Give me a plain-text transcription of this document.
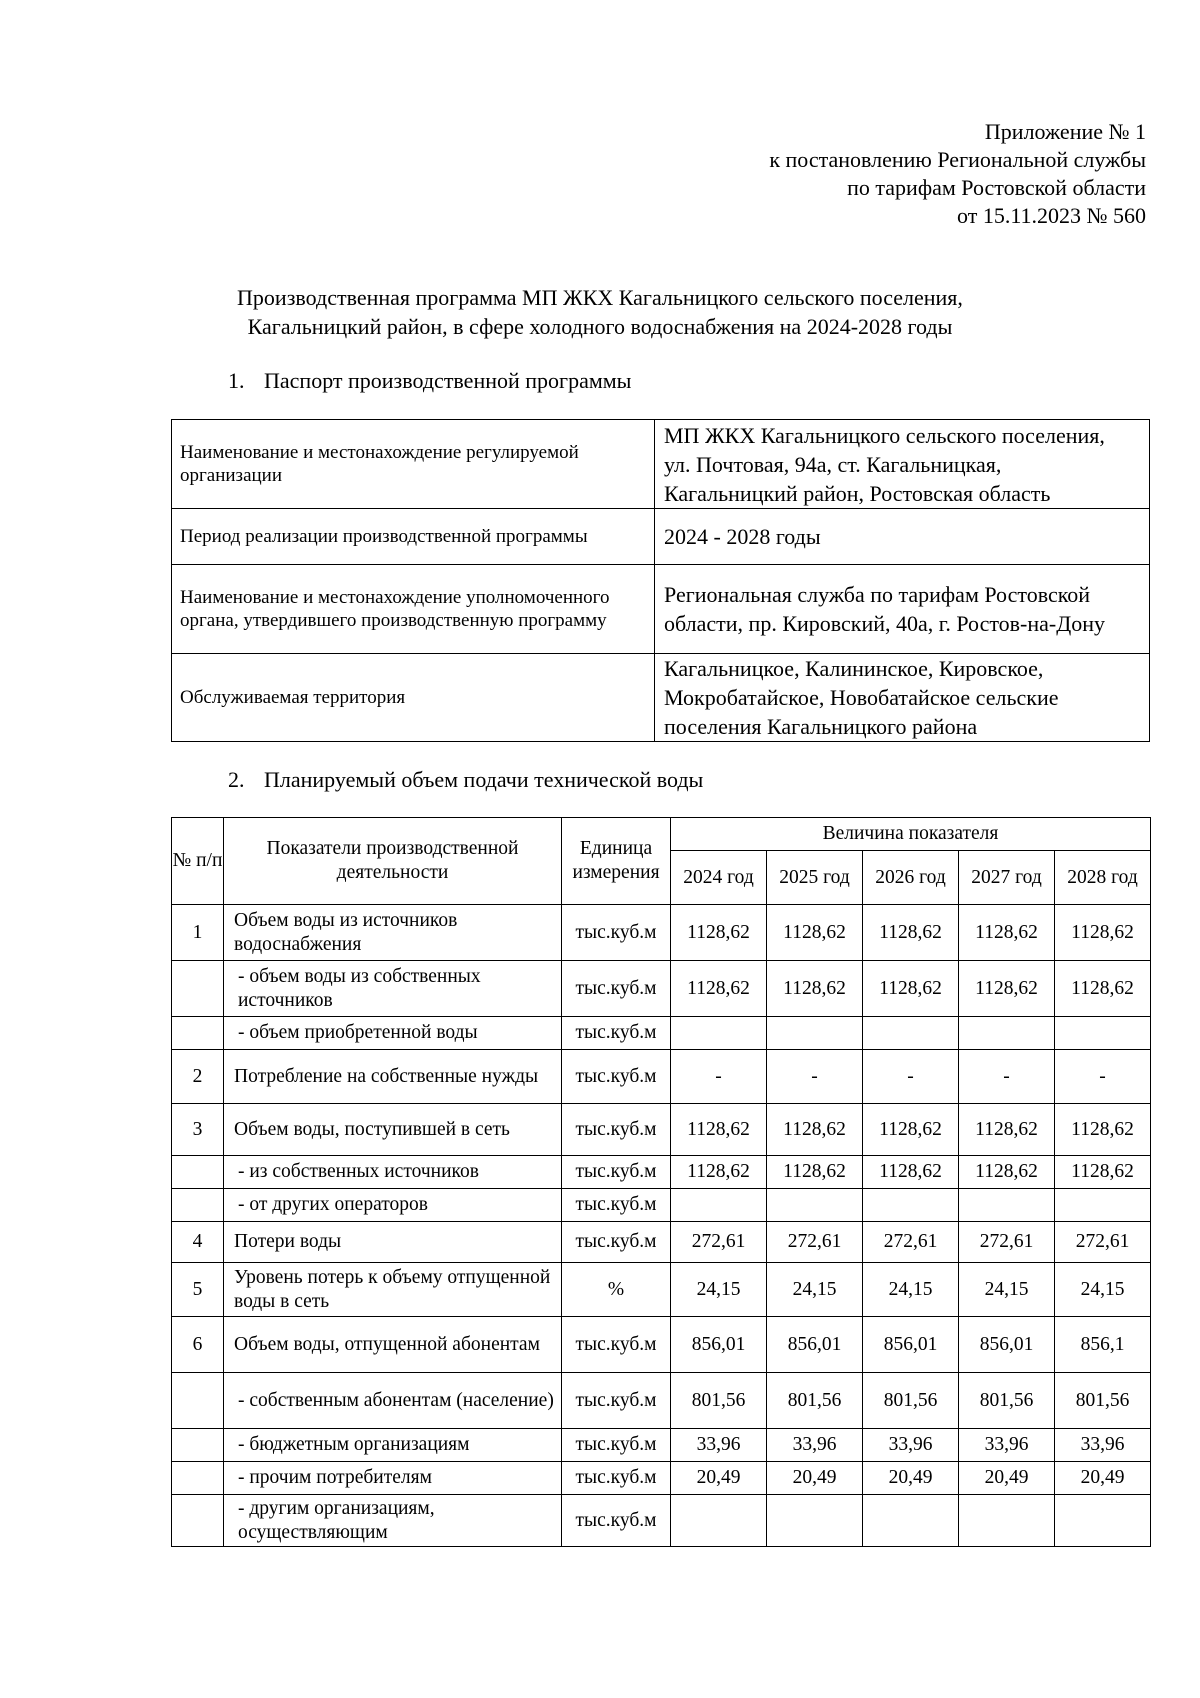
Приложение № 1
к постановлению Региональной службы
по тарифам Ростовской области
от 15.11.2023 № 560
Производственная программа МП ЖКХ Кагальницкого сельского поселения,
Кагальницкий район, в сфере холодного водоснабжения на 2024-2028 годы
1. Паспорт производственной программы
Наименование и местонахождение регулируемой организации	МП ЖКХ Кагальницкого сельского поселения,
ул. Почтовая, 94а, ст. Кагальницкая,
Кагальницкий район, Ростовская область

Период реализации производственной программы	2024 - 2028 годы

Наименование и местонахождение уполномоченного органа, утвердившего производственную программу	Региональная служба по тарифам Ростовской
области, пр. Кировский, 40а, г. Ростов-на-Дону

Обслуживаемая территория	Кагальницкое, Калининское, Кировское,
Мокробатайское, Новобатайское сельские
поселения Кагальницкого района
2. Планируемый объем подачи технической воды
№ п/п	Показатели производственной деятельности	Единица измерения	Величина показателя				
			2024 год	2025 год	2026 год	2027 год	2028 год
1	Объем воды из источников водоснабжения	тыс.куб.м	1128,62	1128,62	1128,62	1128,62	1128,62
	- объем воды из собственных источников	тыс.куб.м	1128,62	1128,62	1128,62	1128,62	1128,62
	- объем приобретенной воды	тыс.куб.м					
2	Потребление на собственные нужды	тыс.куб.м	-	-	-	-	-
3	Объем воды, поступившей в сеть	тыс.куб.м	1128,62	1128,62	1128,62	1128,62	1128,62
	- из собственных источников	тыс.куб.м	1128,62	1128,62	1128,62	1128,62	1128,62
	- от других операторов	тыс.куб.м					
4	Потери воды	тыс.куб.м	272,61	272,61	272,61	272,61	272,61
5	Уровень потерь к объему отпущенной воды в сеть	%	24,15	24,15	24,15	24,15	24,15
6	Объем воды, отпущенной абонентам	тыс.куб.м	856,01	856,01	856,01	856,01	856,1
	- собственным абонентам (население)	тыс.куб.м	801,56	801,56	801,56	801,56	801,56
	- бюджетным организациям	тыс.куб.м	33,96	33,96	33,96	33,96	33,96
	- прочим потребителям	тыс.куб.м	20,49	20,49	20,49	20,49	20,49
	- другим организациям, осуществляющим	тыс.куб.м					
